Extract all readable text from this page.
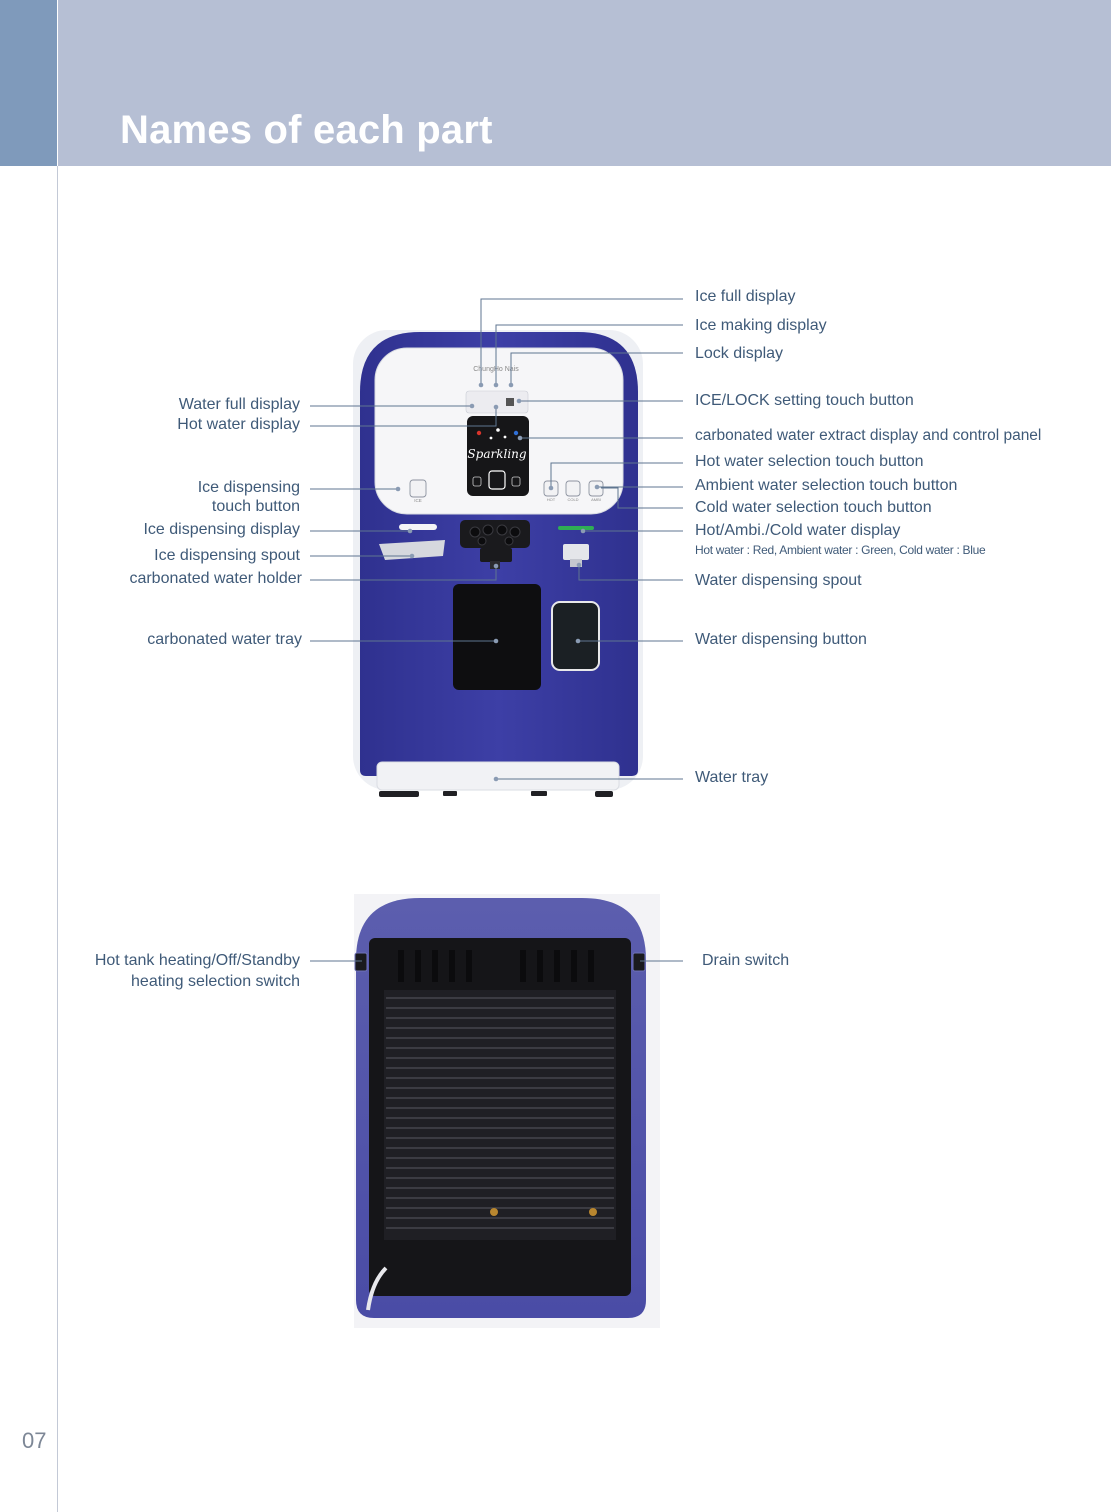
Names of each part
07
ChungHo Nais
Sparkling
ICE	HOT	COLD	AMBI
Water full display
Hot water display
Ice dispensing
touch button
Ice dispensing display
Ice dispensing spout
carbonated water holder
carbonated water tray
Ice full display
Ice making display
Lock display
ICE/LOCK setting touch button
carbonated water extract display and control panel
Hot water selection touch button
Ambient water selection touch button
Cold water selection touch button
Hot/Ambi./Cold water display
Hot water : Red, Ambient water : Green, Cold water : Blue
Water dispensing spout
Water dispensing button
Water tray
Hot tank heating/Off/Standby
heating selection switch
Drain switch
